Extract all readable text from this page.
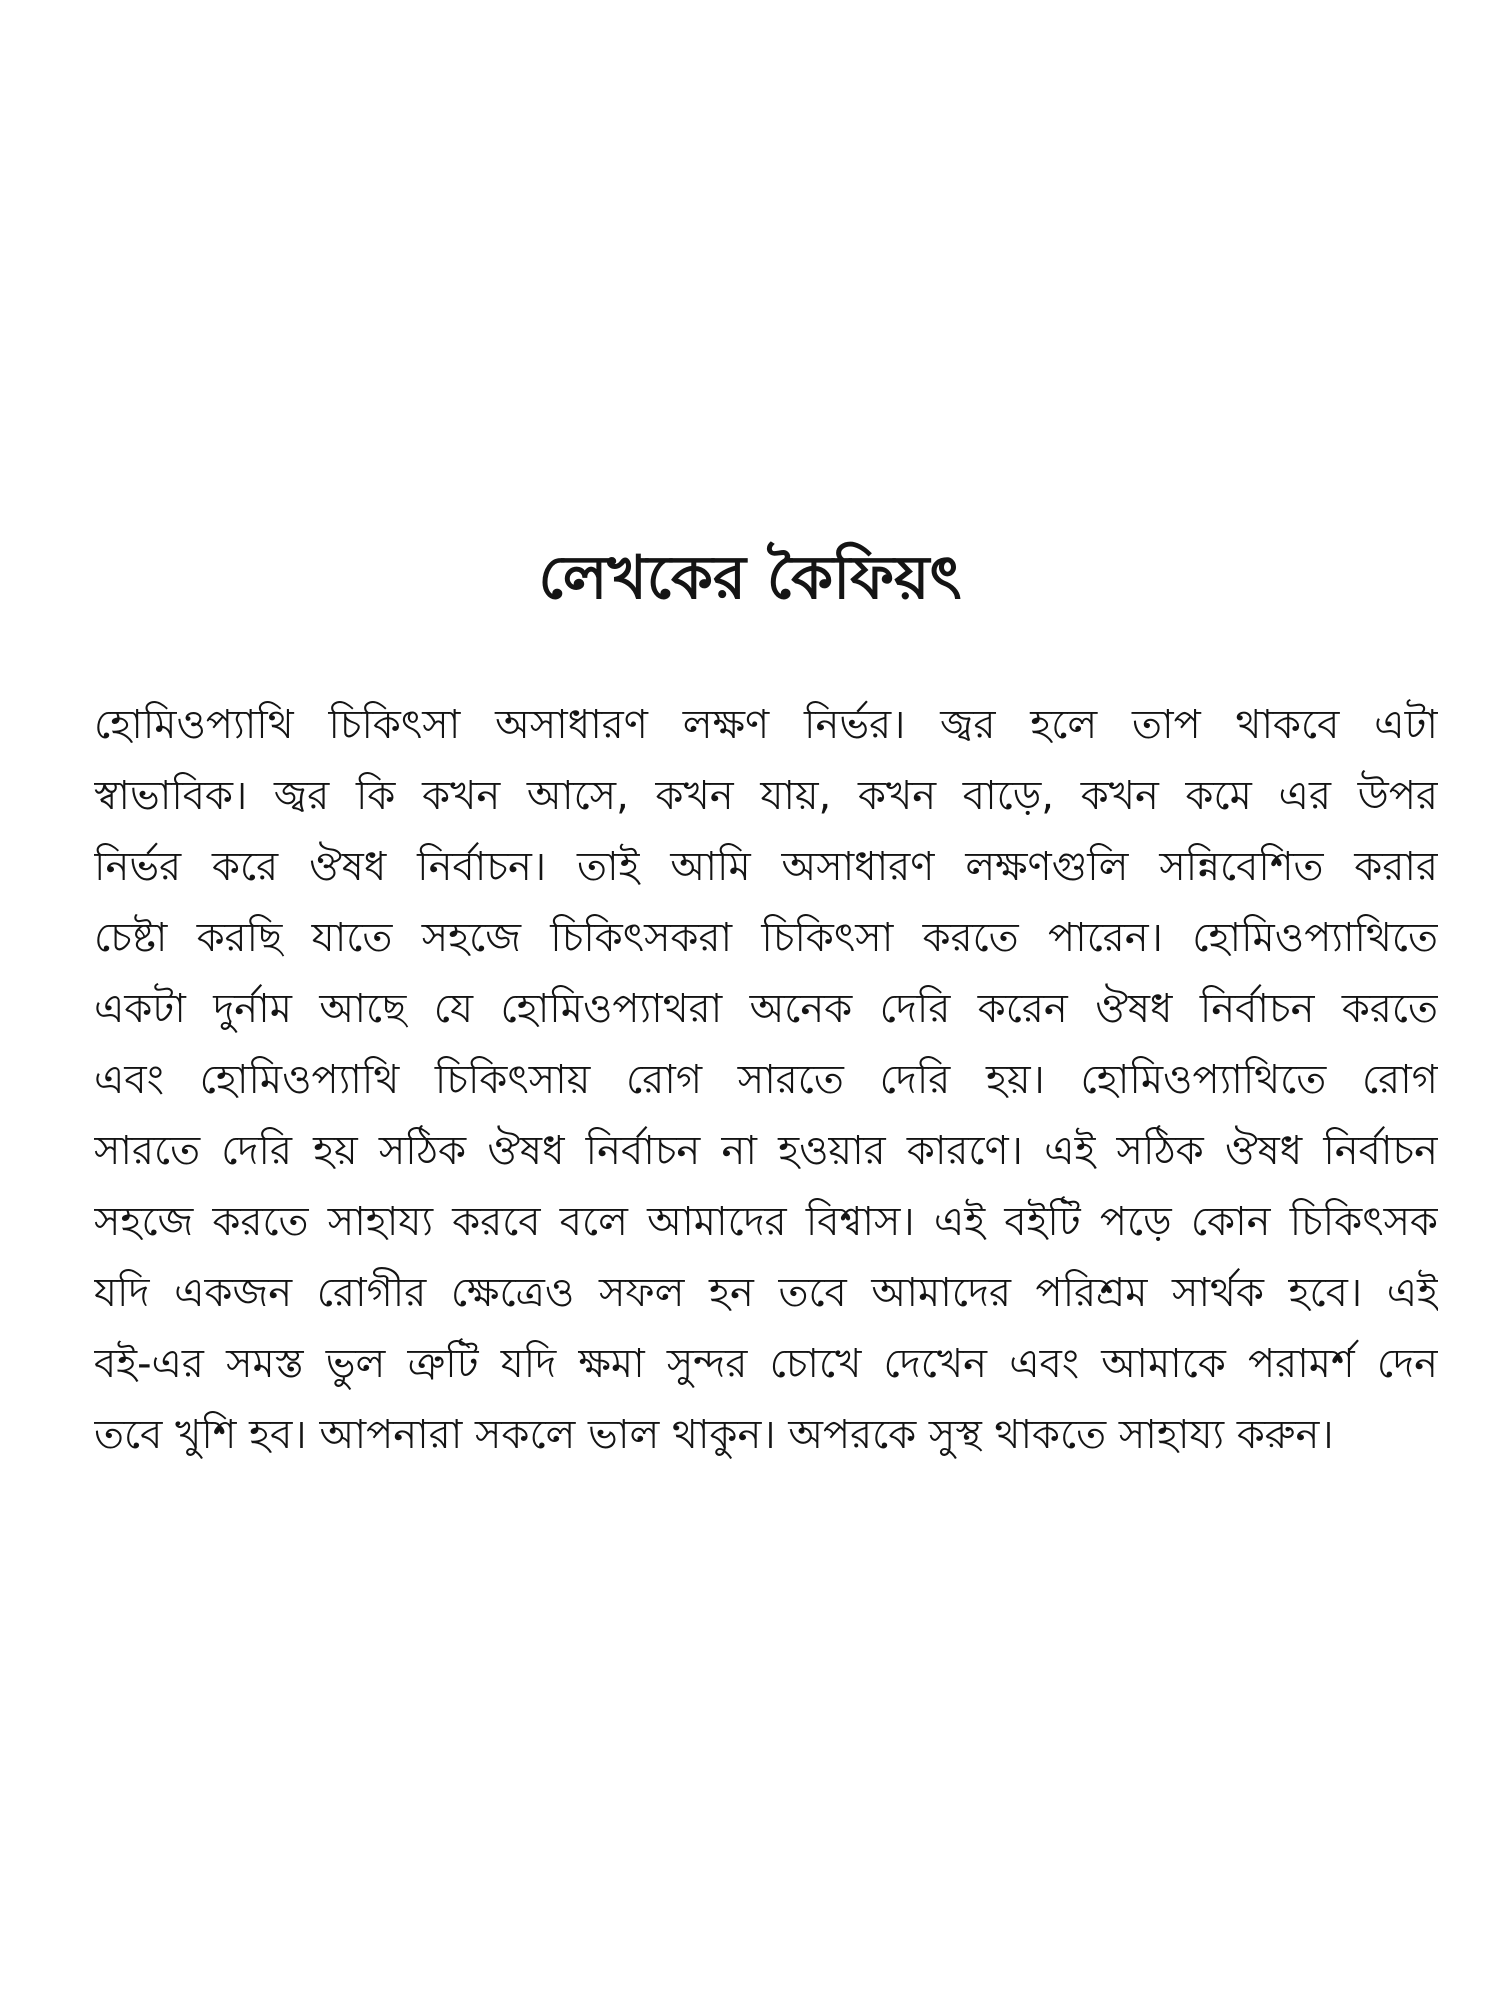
লেখকের কৈফিয়ৎ
হোমিওপ্যাথি চিকিৎসা অসাধারণ লক্ষণ নির্ভর। জ্বর হলে তাপ থাকবে এটা
স্বাভাবিক। জ্বর কি কখন আসে, কখন যায়, কখন বাড়ে, কখন কমে এর উপর
নির্ভর করে ঔষধ নির্বাচন। তাই আমি অসাধারণ লক্ষণগুলি সন্নিবেশিত করার
চেষ্টা করছি যাতে সহজে চিকিৎসকরা চিকিৎসা করতে পারেন। হোমিওপ্যাথিতে
একটা দুর্নাম আছে যে হোমিওপ্যাথরা অনেক দেরি করেন ঔষধ নির্বাচন করতে
এবং হোমিওপ্যাথি চিকিৎসায় রোগ সারতে দেরি হয়। হোমিওপ্যাথিতে রোগ
সারতে দেরি হয় সঠিক ঔষধ নির্বাচন না হওয়ার কারণে। এই সঠিক ঔষধ নির্বাচন
সহজে করতে সাহায্য করবে বলে আমাদের বিশ্বাস। এই বইটি পড়ে কোন চিকিৎসক
যদি একজন রোগীর ক্ষেত্রেও সফল হন তবে আমাদের পরিশ্রম সার্থক হবে। এই
বই-এর সমস্ত ভুল ত্রুটি যদি ক্ষমা সুন্দর চোখে দেখেন এবং আমাকে পরামর্শ দেন
তবে খুশি হব। আপনারা সকলে ভাল থাকুন। অপরকে সুস্থ থাকতে সাহায্য করুন।
